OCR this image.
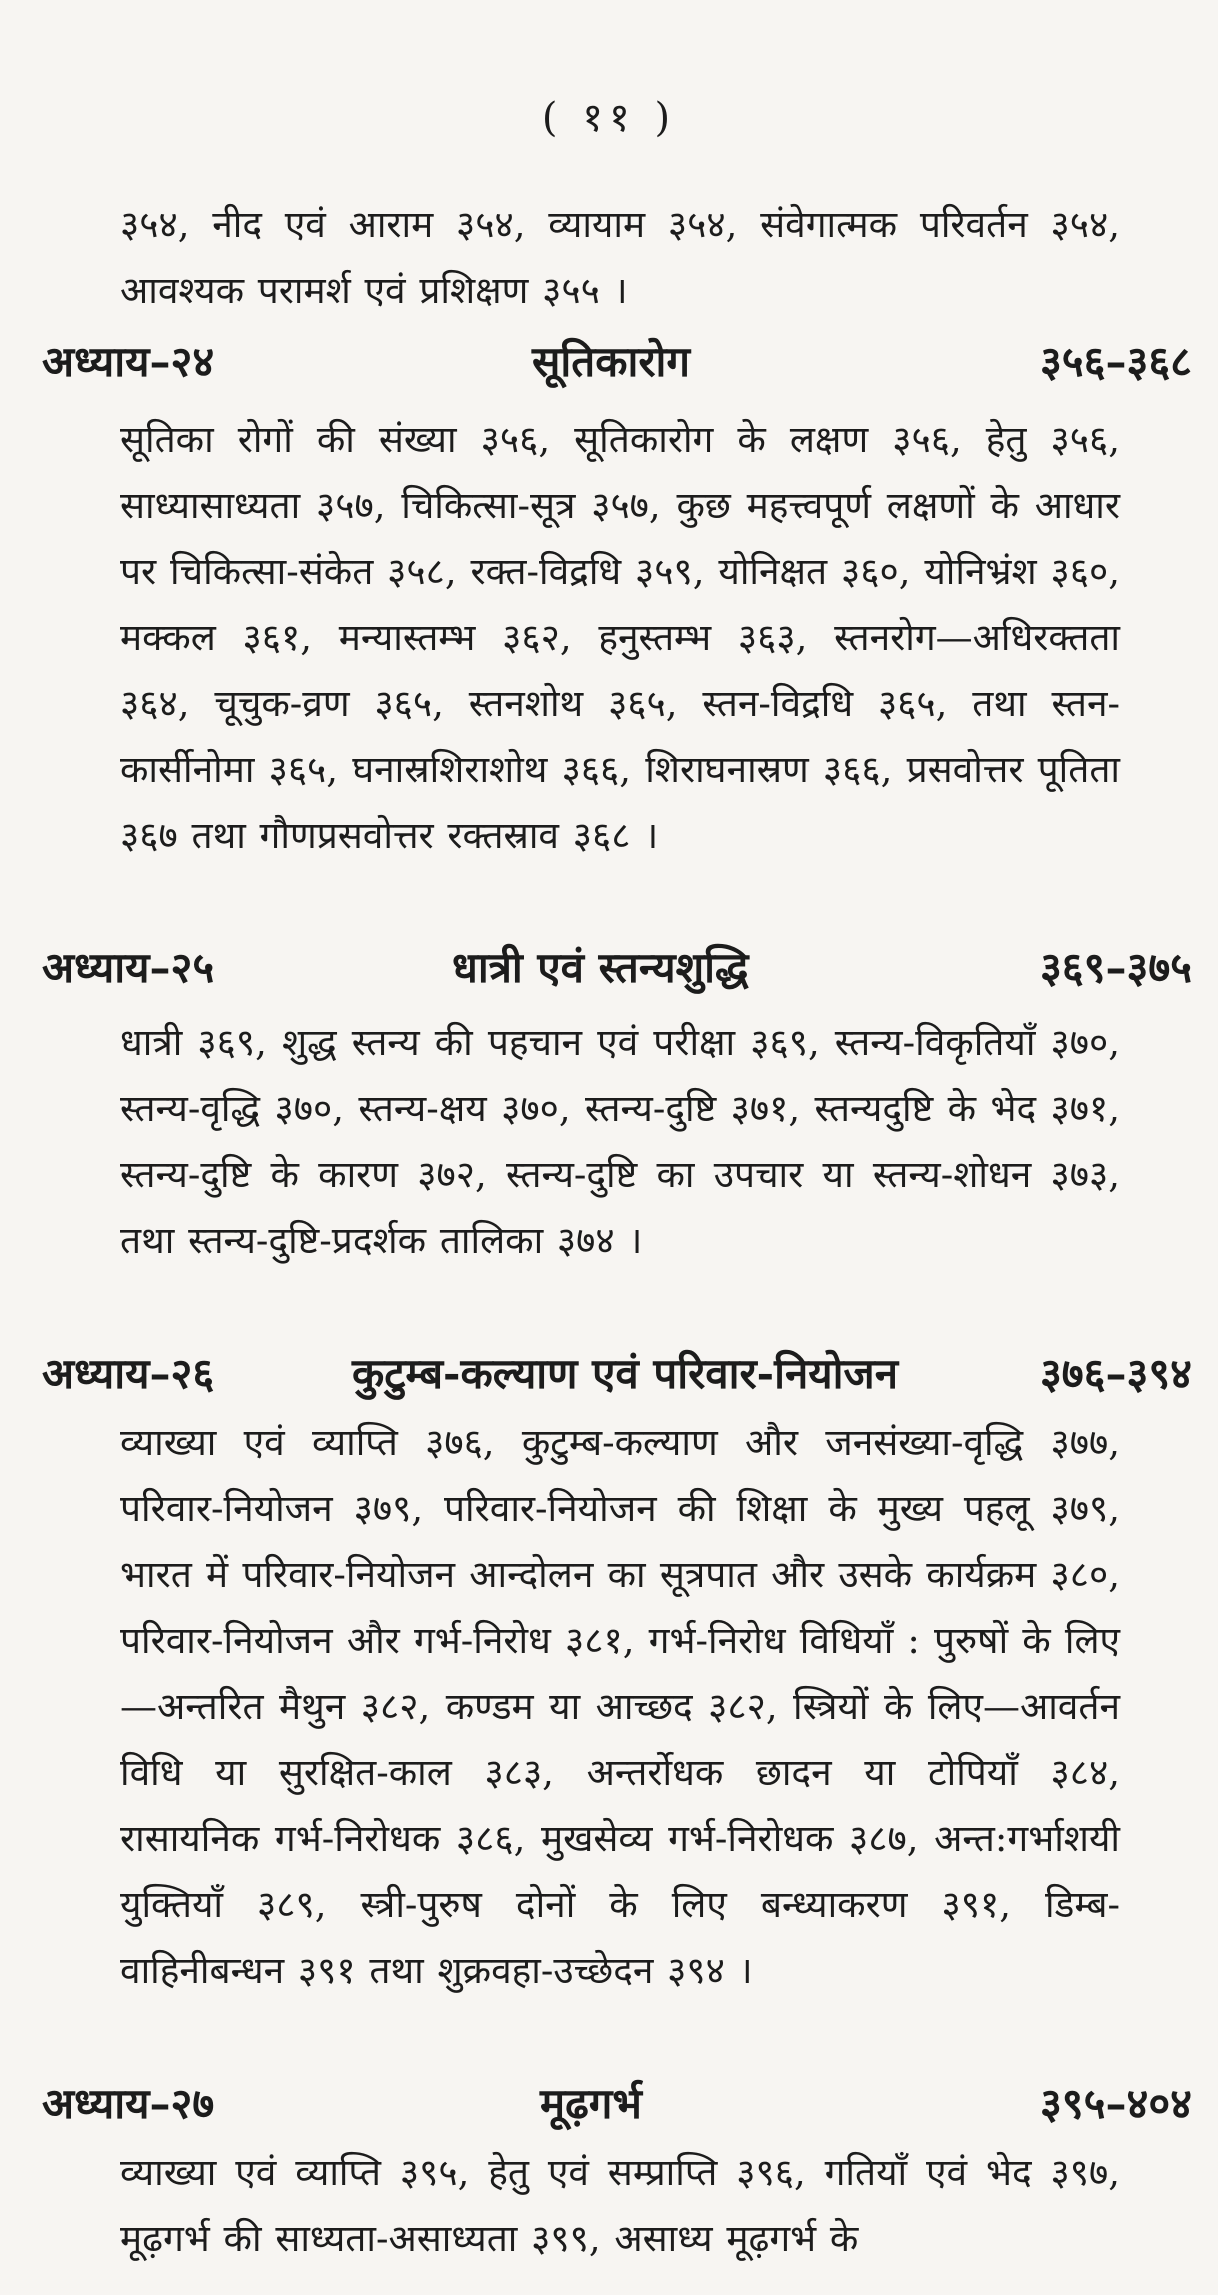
( ११ )
३५४, नीद एवं आराम ३५४, व्यायाम ३५४, संवेगात्मक परिवर्तन ३५४, आवश्यक परामर्श एवं प्रशिक्षण ३५५ ।
अध्याय–२४	सूतिकारोग	३५६–३६८
सूतिका रोगों की संख्या ३५६, सूतिकारोग के लक्षण ३५६, हेतु ३५६, साध्यासाध्यता ३५७, चिकित्सा-सूत्र ३५७, कुछ महत्त्वपूर्ण लक्षणों के आधार पर चिकित्सा-संकेत ३५८, रक्त-विद्रधि ३५९, योनिक्षत ३६०, योनिभ्रंश ३६०, मक्कल ३६१, मन्यास्तम्भ ३६२, हनुस्तम्भ ३६३, स्तनरोग—अधिरक्तता ३६४, चूचुक-व्रण ३६५, स्तनशोथ ३६५, स्तन-विद्रधि ३६५, तथा स्तन-कार्सीनोमा ३६५, घनास्रशिराशोथ ३६६, शिराघनास्रण ३६६, प्रसवोत्तर पूतिता ३६७ तथा गौणप्रसवोत्तर रक्तस्राव ३६८ ।
अध्याय–२५	धात्री एवं स्तन्यशुद्धि	३६९–३७५
धात्री ३६९, शुद्ध स्तन्य की पहचान एवं परीक्षा ३६९, स्तन्य-विकृतियाँ ३७०, स्तन्य-वृद्धि ३७०, स्तन्य-क्षय ३७०, स्तन्य-दुष्टि ३७१, स्तन्यदुष्टि के भेद ३७१, स्तन्य-दुष्टि के कारण ३७२, स्तन्य-दुष्टि का उपचार या स्तन्य-शोधन ३७३, तथा स्तन्य-दुष्टि-प्रदर्शक तालिका ३७४ ।
अध्याय–२६	कुटुम्ब-कल्याण एवं परिवार-नियोजन	३७६–३९४
व्याख्या एवं व्याप्ति ३७६, कुटुम्ब-कल्याण और जनसंख्या-वृद्धि ३७७, परिवार-नियोजन ३७९, परिवार-नियोजन की शिक्षा के मुख्य पहलू ३७९, भारत में परिवार-नियोजन आन्दोलन का सूत्रपात और उसके कार्यक्रम ३८०, परिवार-नियोजन और गर्भ-निरोध ३८१, गर्भ-निरोध विधियाँ : पुरुषों के लिए—अन्तरित मैथुन ३८२, कण्डम या आच्छद ३८२, स्त्रियों के लिए—आवर्तन विधि या सुरक्षित-काल ३८३, अन्तर्रोधक छादन या टोपियाँ ३८४, रासायनिक गर्भ-निरोधक ३८६, मुखसेव्य गर्भ-निरोधक ३८७, अन्त:गर्भाशयी युक्तियाँ ३८९, स्त्री-पुरुष दोनों के लिए बन्ध्याकरण ३९१, डिम्ब-वाहिनीबन्धन ३९१ तथा शुक्रवहा-उच्छेदन ३९४ ।
अध्याय–२७	मूढ़गर्भ	३९५–४०४
व्याख्या एवं व्याप्ति ३९५, हेतु एवं सम्प्राप्ति ३९६, गतियाँ एवं भेद ३९७, मूढ़गर्भ की साध्यता-असाध्यता ३९९, असाध्य मूढ़गर्भ के
